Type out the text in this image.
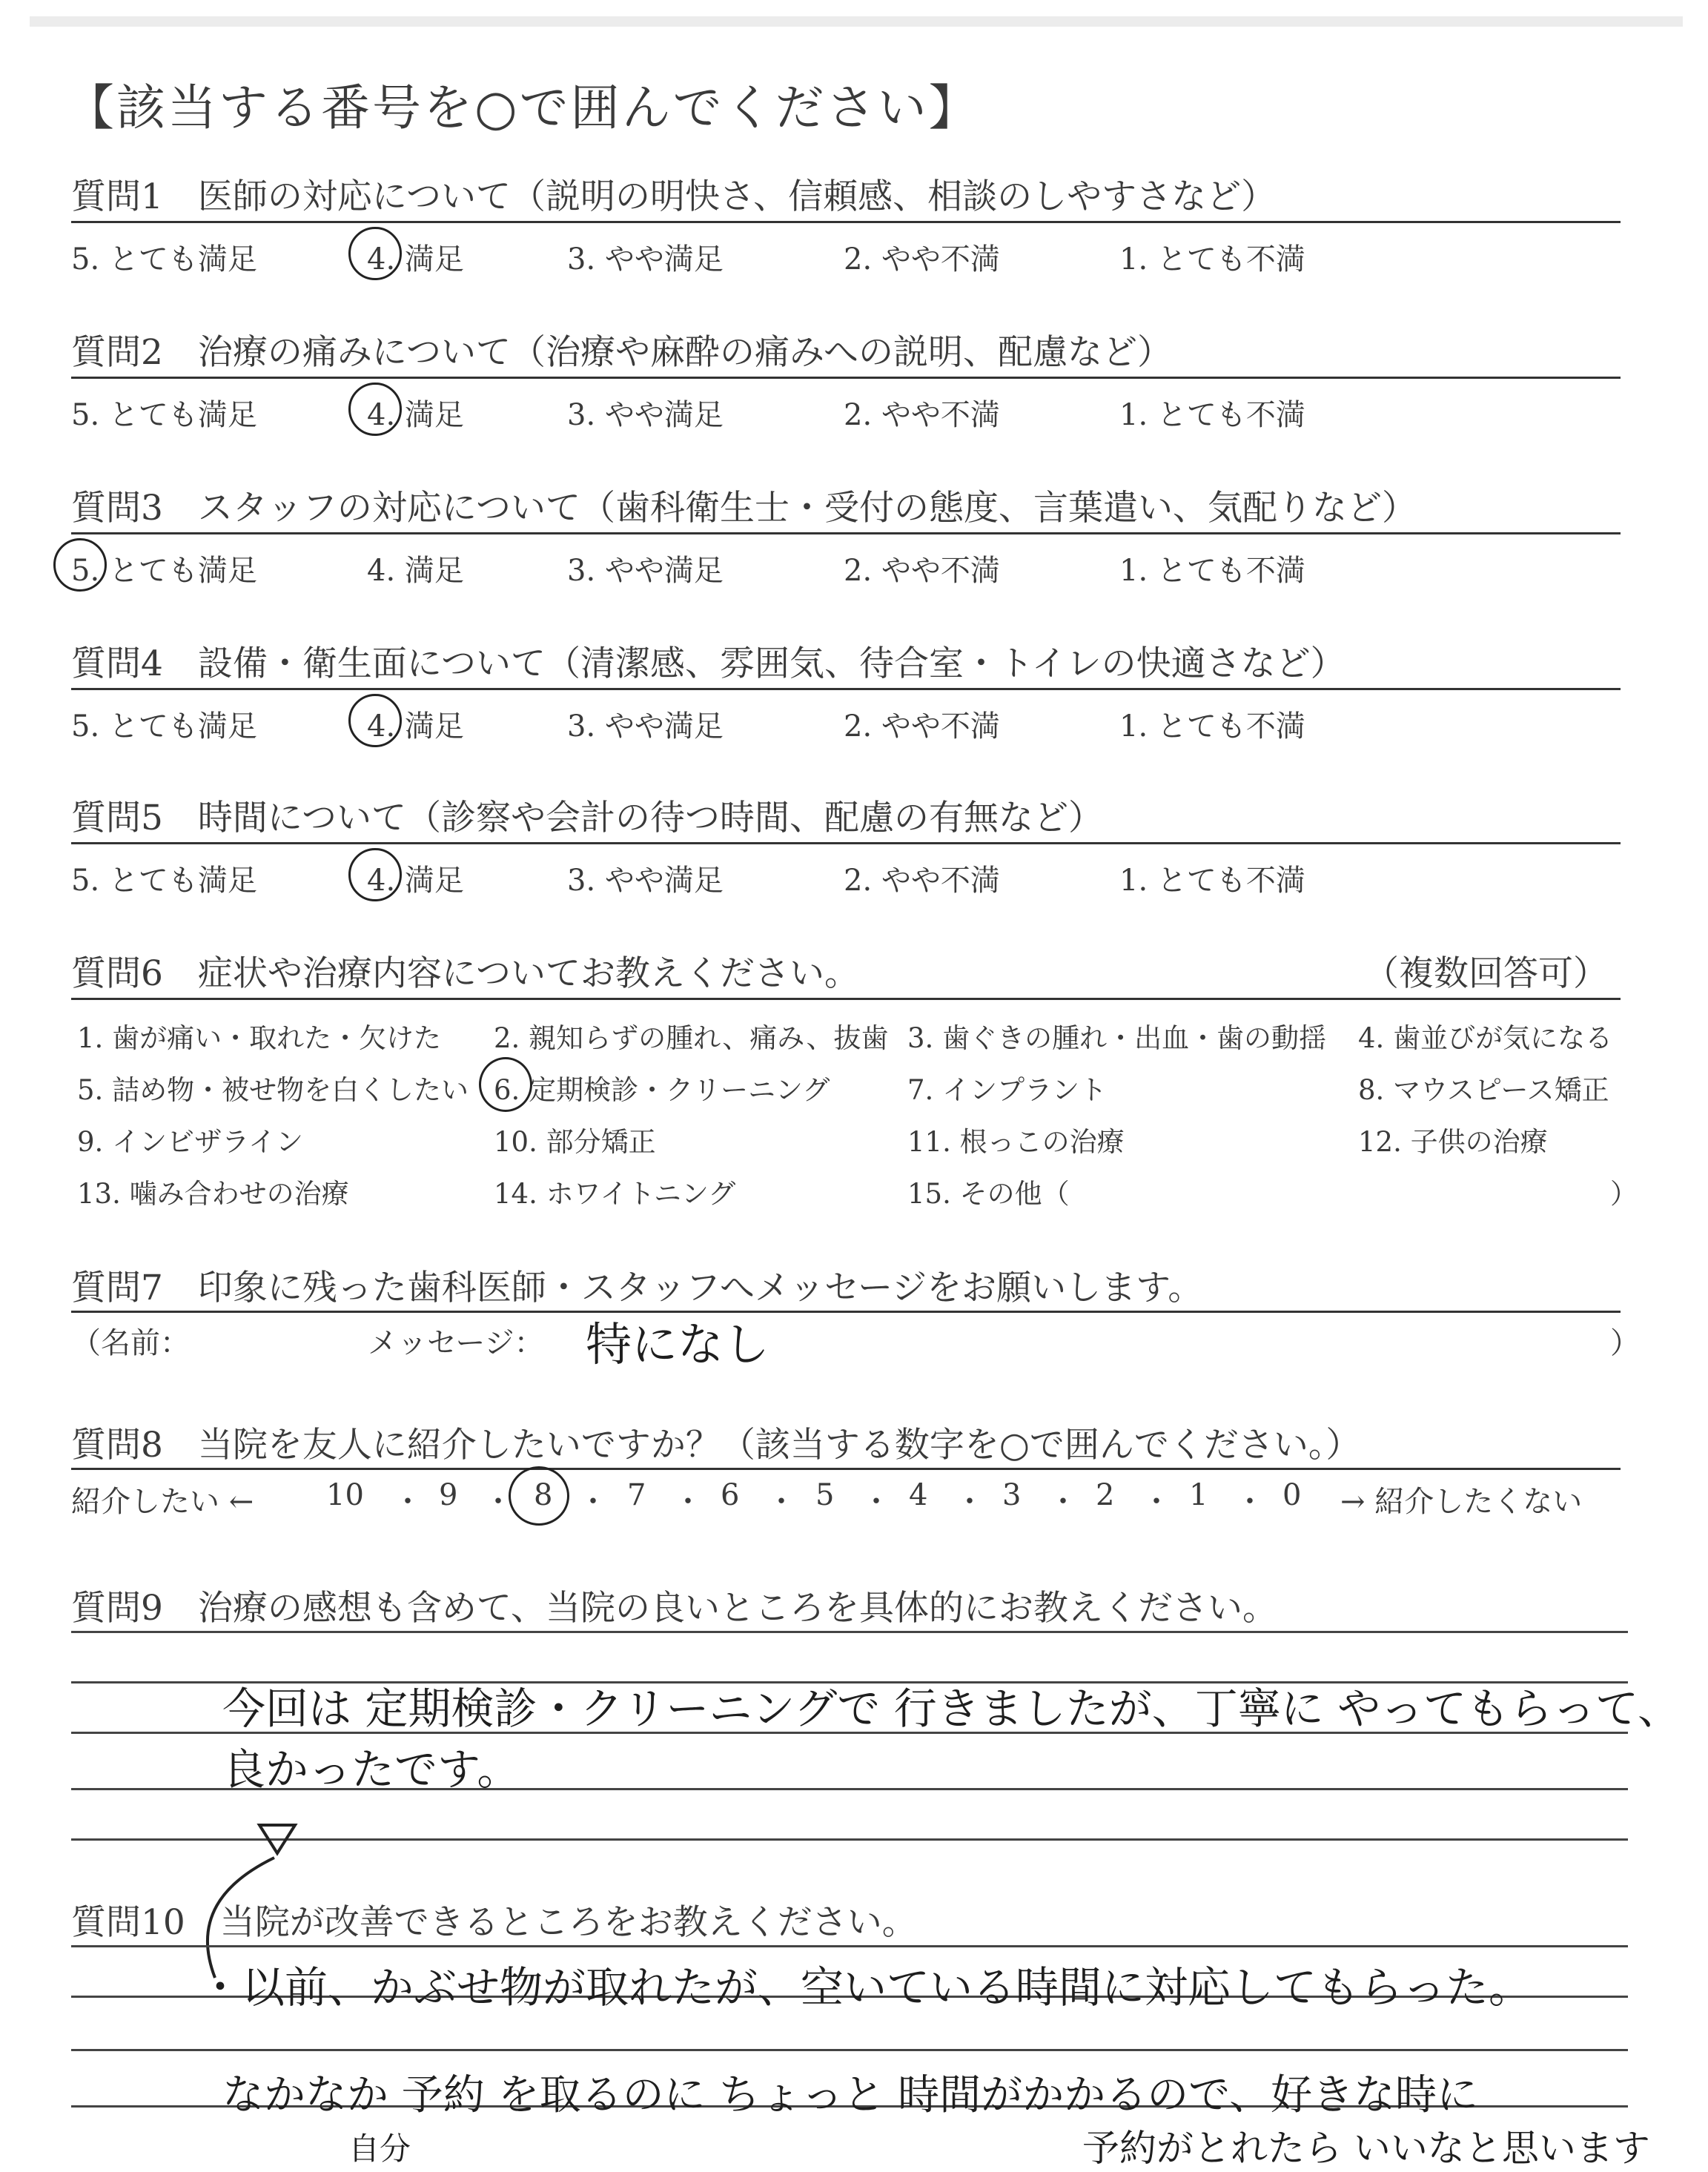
【該当する番号を○で囲んでください】
質問1　医師の対応について（説明の明快さ、信頼感、相談のしやすさなど）
5. とても満足	4. 満足	3. やや満足	2. やや不満	1. とても不満
質問2　治療の痛みについて（治療や麻酔の痛みへの説明、配慮など）
5. とても満足	4. 満足	3. やや満足	2. やや不満	1. とても不満
質問3　スタッフの対応について（歯科衛生士・受付の態度、言葉遣い、気配りなど）
5. とても満足	4. 満足	3. やや満足	2. やや不満	1. とても不満
質問4　設備・衛生面について（清潔感、雰囲気、待合室・トイレの快適さなど）
5. とても満足	4. 満足	3. やや満足	2. やや不満	1. とても不満
質問5　時間について（診察や会計の待つ時間、配慮の有無など）
5. とても満足	4. 満足	3. やや満足	2. やや不満	1. とても不満
質問6　症状や治療内容についてお教えください。	（複数回答可）
1. 歯が痛い・取れた・欠けた 2. 親知らずの腫れ、痛み、抜歯 3. 歯ぐきの腫れ・出血・歯の動揺 4. 歯並びが気になる
5. 詰め物・被せ物を白くしたい 6. 定期検診・クリーニング	7. インプラント	8. マウスピース矯正
9. インビザライン	10. 部分矯正	11. 根っこの治療	12. 子供の治療
13. 噛み合わせの治療	14. ホワイトニング	15. その他（	）
質問7　印象に残った歯科医師・スタッフへメッセージをお願いします。
（名前：	メッセージ： 特になし	）
質問8　当院を友人に紹介したいですか？（該当する数字を○で囲んでください。）
紹介したい ← 10 ・ 9 ・ 8 ・ 7 ・ 6 ・ 5 ・ 4 ・ 3 ・ 2 ・ 1 ・ 0 → 紹介したくない
質問9　治療の感想も含めて、当院の良いところを具体的にお教えください。
今回は 定期検診・クリーニングで 行きましたが、丁寧に やってもらって、
良かったです。
質問10　当院が改善できるところをお教えください。
・以前、かぶせ物が取れたが、空いている時間に対応してもらった。
なかなか 予約 を取るのに ちょっと 時間がかかるので、好きな時に
予約がとれたら いいなと思います
自分
